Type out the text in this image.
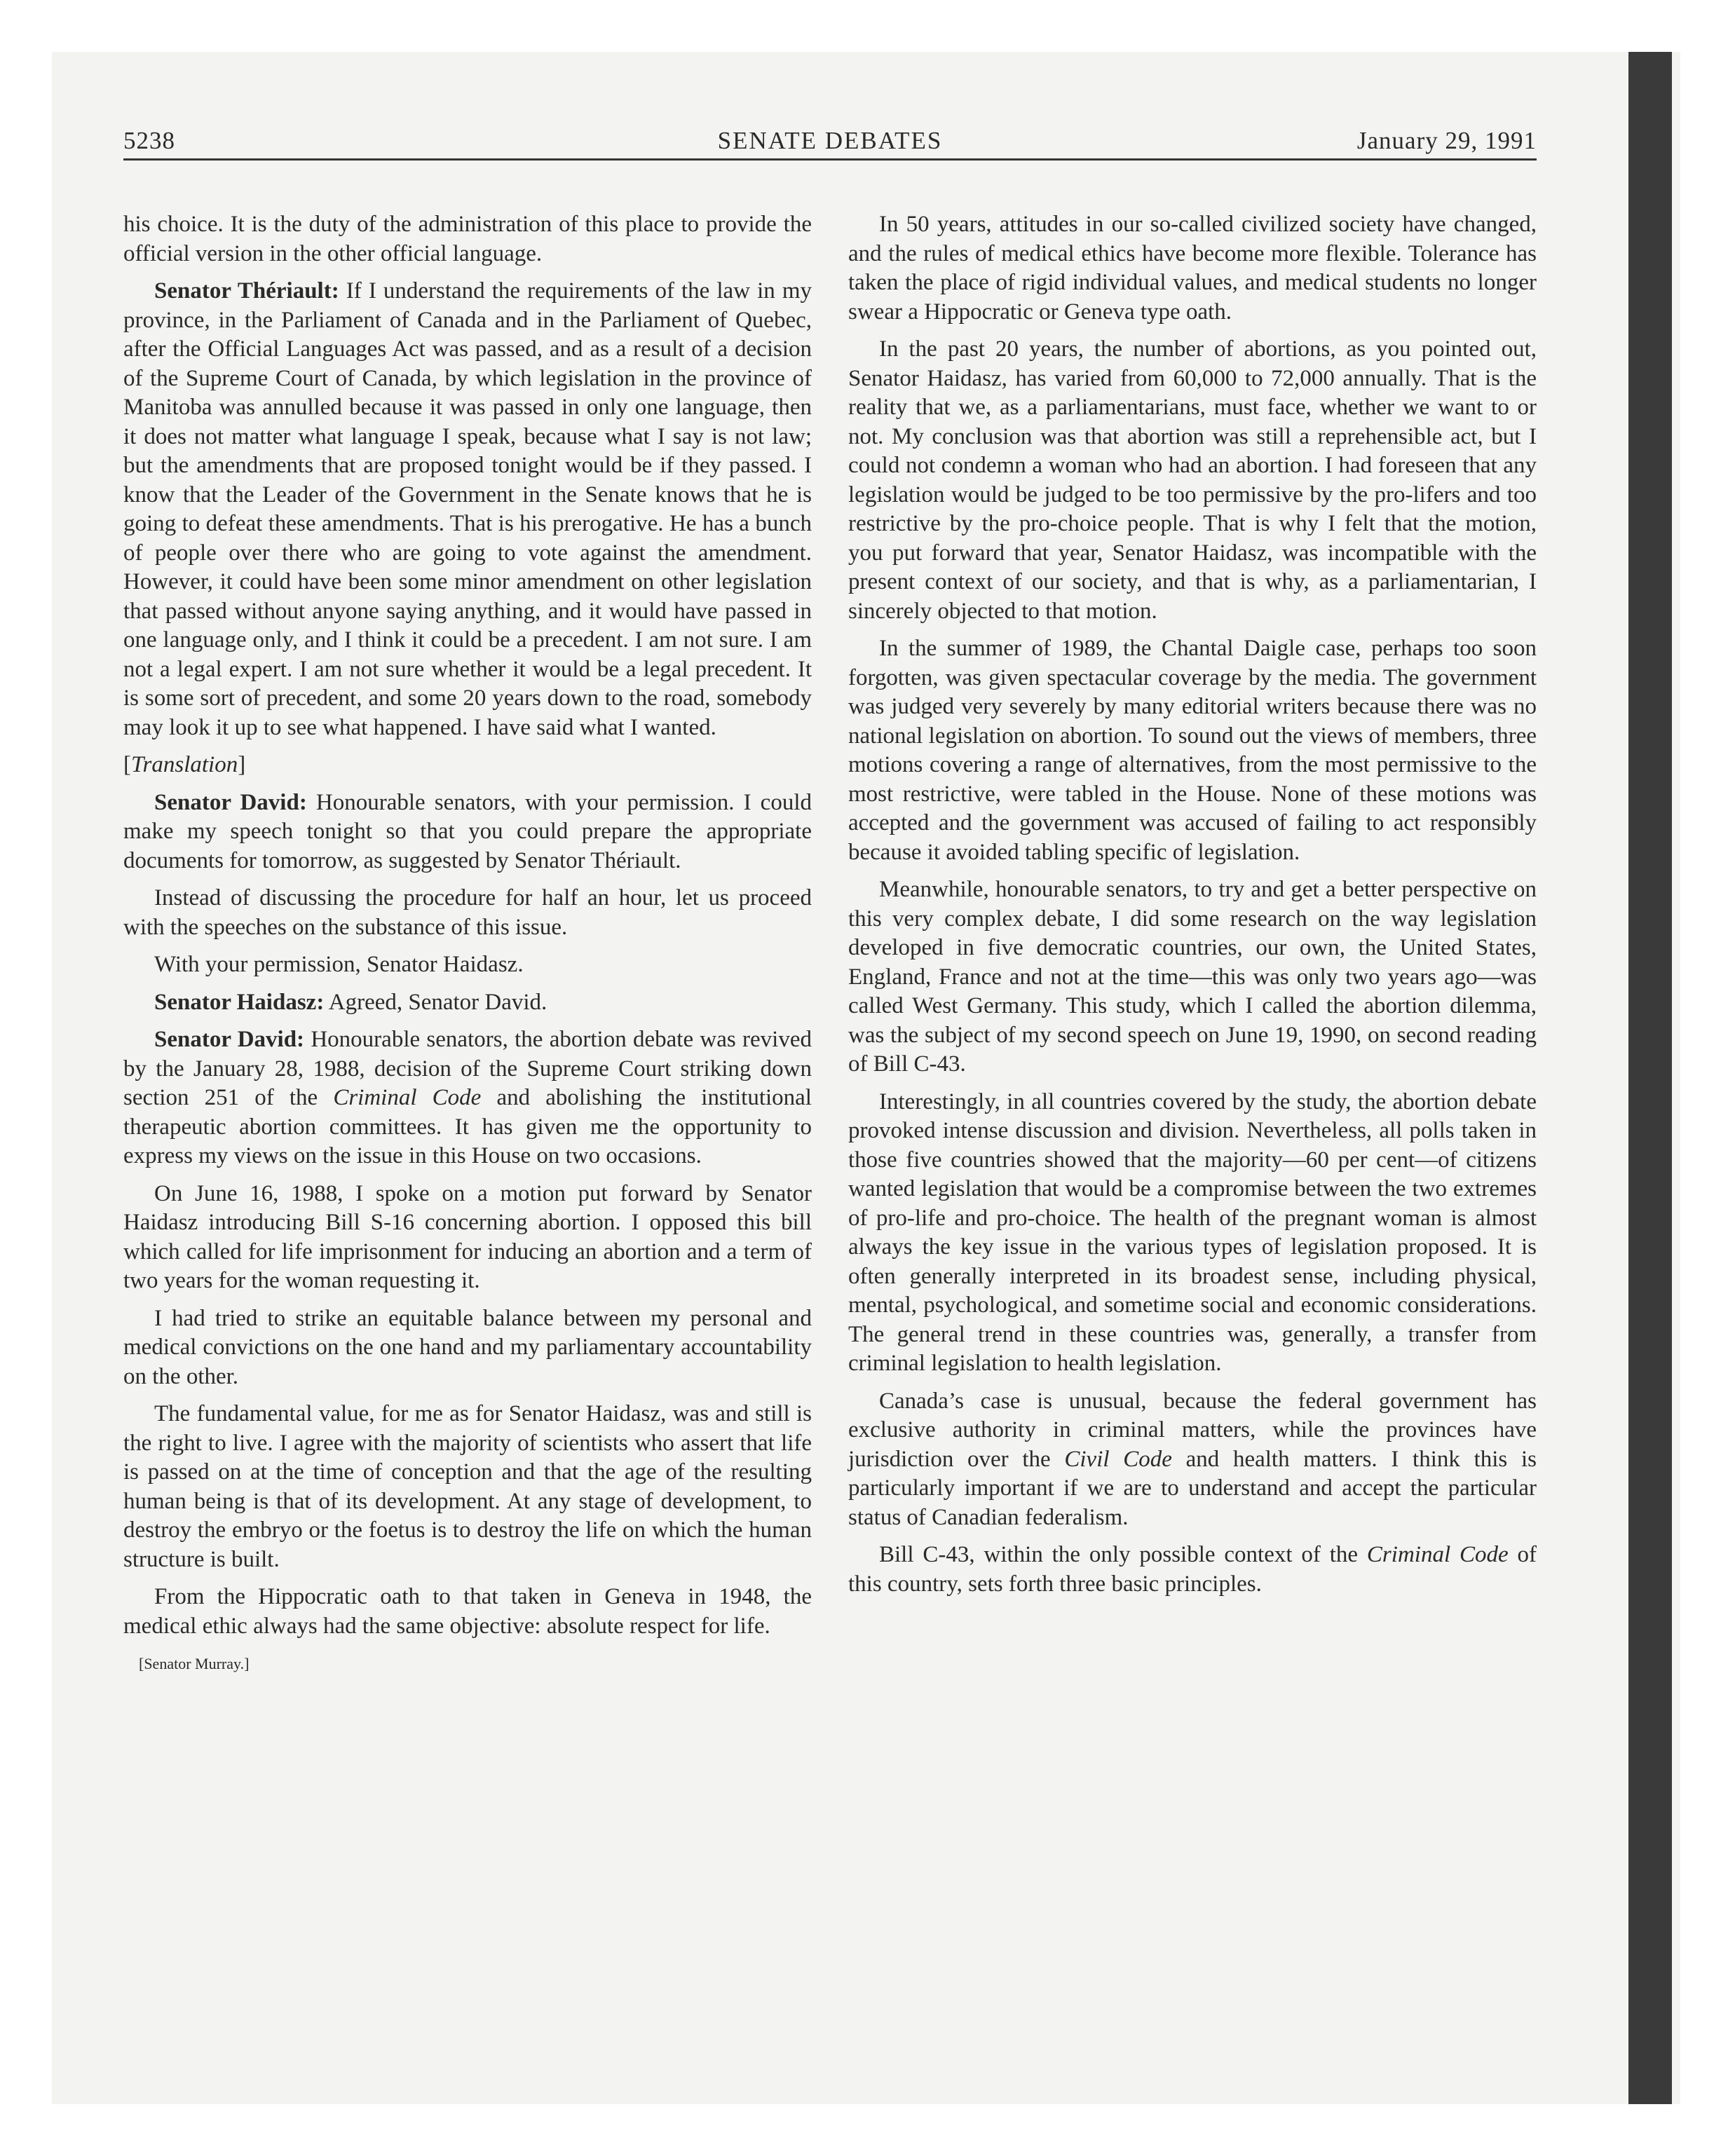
5238	SENATE DEBATES	January 29, 1991

his choice. It is the duty of the administration of this place to provide the official version in the other official language.

Senator Thériault: If I understand the requirements of the law in my province, in the Parliament of Canada and in the Parliament of Quebec, after the Official Languages Act was passed, and as a result of a decision of the Supreme Court of Canada, by which legislation in the province of Manitoba was annulled because it was passed in only one language, then it does not matter what language I speak, because what I say is not law; but the amendments that are proposed tonight would be if they passed. I know that the Leader of the Government in the Senate knows that he is going to defeat these amendments. That is his prerogative. He has a bunch of people over there who are going to vote against the amendment. However, it could have been some minor amendment on other legislation that passed without anyone saying anything, and it would have passed in one language only, and I think it could be a precedent. I am not sure. I am not a legal expert. I am not sure whether it would be a legal precedent. It is some sort of precedent, and some 20 years down to the road, somebody may look it up to see what happened. I have said what I wanted.

[Translation]

Senator David: Honourable senators, with your permission. I could make my speech tonight so that you could prepare the appropriate documents for tomorrow, as suggested by Senator Thériault.

Instead of discussing the procedure for half an hour, let us proceed with the speeches on the substance of this issue.

With your permission, Senator Haidasz.

Senator Haidasz: Agreed, Senator David.

Senator David: Honourable senators, the abortion debate was revived by the January 28, 1988, decision of the Supreme Court striking down section 251 of the Criminal Code and abolishing the institutional therapeutic abortion committees. It has given me the opportunity to express my views on the issue in this House on two occasions.

On June 16, 1988, I spoke on a motion put forward by Senator Haidasz introducing Bill S-16 concerning abortion. I opposed this bill which called for life imprisonment for inducing an abortion and a term of two years for the woman requesting it.

I had tried to strike an equitable balance between my personal and medical convictions on the one hand and my parliamentary accountability on the other.

The fundamental value, for me as for Senator Haidasz, was and still is the right to live. I agree with the majority of scientists who assert that life is passed on at the time of conception and that the age of the resulting human being is that of its development. At any stage of development, to destroy the embryo or the foetus is to destroy the life on which the human structure is built.

From the Hippocratic oath to that taken in Geneva in 1948, the medical ethic always had the same objective: absolute respect for life.

[Senator Murray.]

In 50 years, attitudes in our so-called civilized society have changed, and the rules of medical ethics have become more flexible. Tolerance has taken the place of rigid individual values, and medical students no longer swear a Hippocratic or Geneva type oath.

In the past 20 years, the number of abortions, as you pointed out, Senator Haidasz, has varied from 60,000 to 72,000 annually. That is the reality that we, as a parliamentarians, must face, whether we want to or not. My conclusion was that abortion was still a reprehensible act, but I could not condemn a woman who had an abortion. I had foreseen that any legislation would be judged to be too permissive by the pro-lifers and too restrictive by the pro-choice people. That is why I felt that the motion, you put forward that year, Senator Haidasz, was incompatible with the present context of our society, and that is why, as a parliamentarian, I sincerely objected to that motion.

In the summer of 1989, the Chantal Daigle case, perhaps too soon forgotten, was given spectacular coverage by the media. The government was judged very severely by many editorial writers because there was no national legislation on abortion. To sound out the views of members, three motions covering a range of alternatives, from the most permissive to the most restrictive, were tabled in the House. None of these motions was accepted and the government was accused of failing to act responsibly because it avoided tabling specific of legislation.

Meanwhile, honourable senators, to try and get a better perspective on this very complex debate, I did some research on the way legislation developed in five democratic countries, our own, the United States, England, France and not at the time—this was only two years ago—was called West Germany. This study, which I called the abortion dilemma, was the subject of my second speech on June 19, 1990, on second reading of Bill C-43.

Interestingly, in all countries covered by the study, the abortion debate provoked intense discussion and division. Nevertheless, all polls taken in those five countries showed that the majority—60 per cent—of citizens wanted legislation that would be a compromise between the two extremes of pro-life and pro-choice. The health of the pregnant woman is almost always the key issue in the various types of legislation proposed. It is often generally interpreted in its broadest sense, including physical, mental, psychological, and sometime social and economic considerations. The general trend in these countries was, generally, a transfer from criminal legislation to health legislation.

Canada’s case is unusual, because the federal government has exclusive authority in criminal matters, while the provinces have jurisdiction over the Civil Code and health matters. I think this is particularly important if we are to understand and accept the particular status of Canadian federalism.

Bill C-43, within the only possible context of the Criminal Code of this country, sets forth three basic principles.
